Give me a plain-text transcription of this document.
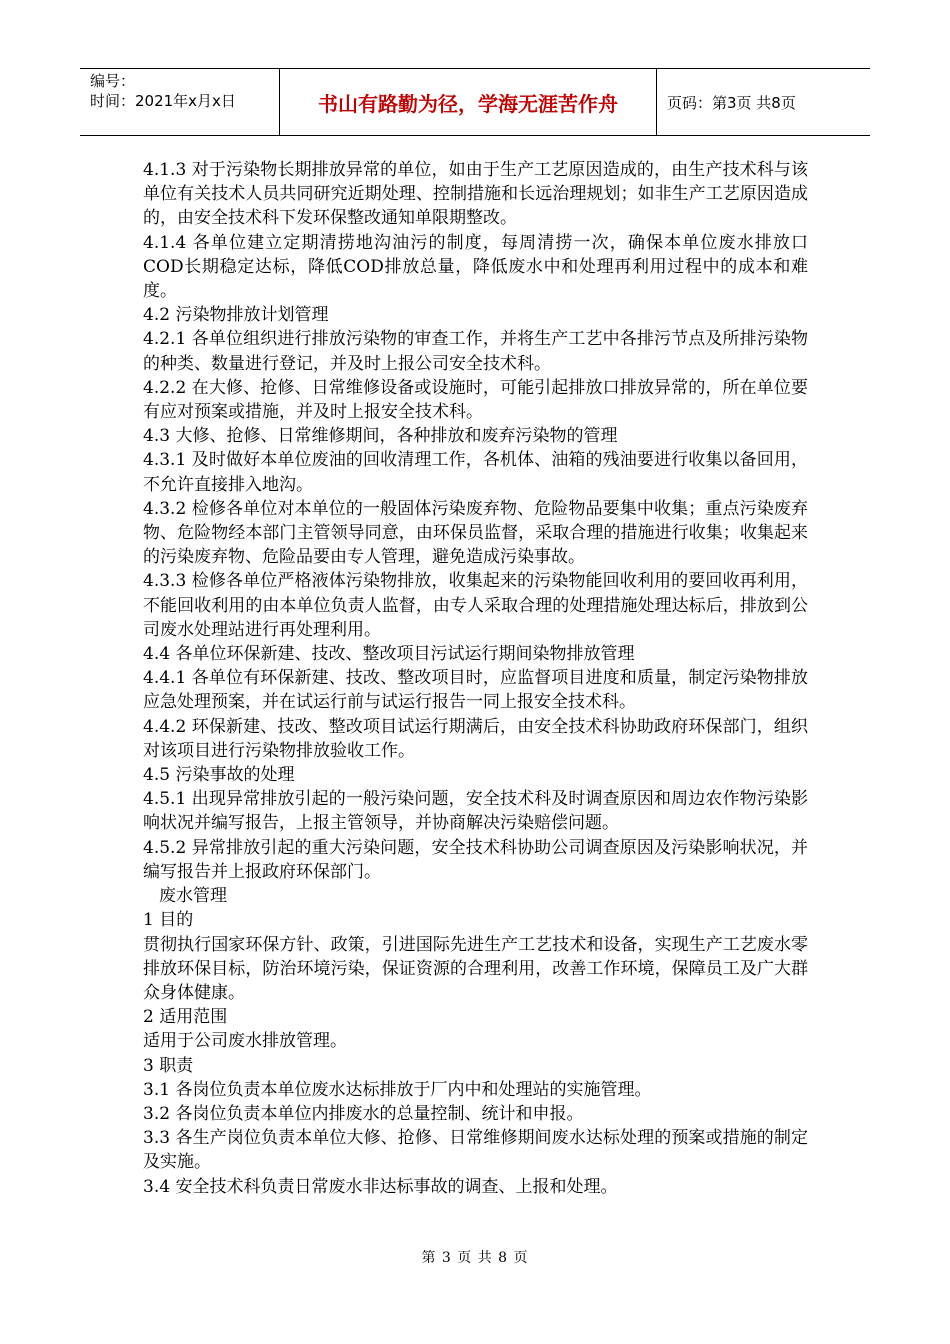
编号：
时间：2021年x月x日	书山有路勤为径，学海无涯苦作舟	页码：第3页 共8页

4.1.3 对于污染物长期排放异常的单位，如由于生产工艺原因造成的，由生产技术科与该单位有关技术人员共同研究近期处理、控制措施和长远治理规划；如非生产工艺原因造成的，由安全技术科下发环保整改通知单限期整改。

4.1.4 各单位建立定期清捞地沟油污的制度，每周清捞一次，确保本单位废水排放口COD长期稳定达标，降低COD排放总量，降低废水中和处理再利用过程中的成本和难度。

4.2 污染物排放计划管理

4.2.1 各单位组织进行排放污染物的审查工作，并将生产工艺中各排污节点及所排污染物的种类、数量进行登记，并及时上报公司安全技术科。

4.2.2 在大修、抢修、日常维修设备或设施时，可能引起排放口排放异常的，所在单位要有应对预案或措施，并及时上报安全技术科。

4.3 大修、抢修、日常维修期间，各种排放和废弃污染物的管理

4.3.1 及时做好本单位废油的回收清理工作，各机体、油箱的残油要进行收集以备回用，不允许直接排入地沟。

4.3.2 检修各单位对本单位的一般固体污染废弃物、危险物品要集中收集；重点污染废弃物、危险物经本部门主管领导同意，由环保员监督，采取合理的措施进行收集；收集起来的污染废弃物、危险品要由专人管理，避免造成污染事故。

4.3.3 检修各单位严格液体污染物排放，收集起来的污染物能回收利用的要回收再利用，不能回收利用的由本单位负责人监督，由专人采取合理的处理措施处理达标后，排放到公司废水处理站进行再处理利用。

4.4 各单位环保新建、技改、整改项目污试运行期间染物排放管理

4.4.1 各单位有环保新建、技改、整改项目时，应监督项目进度和质量，制定污染物排放应急处理预案，并在试运行前与试运行报告一同上报安全技术科。

4.4.2 环保新建、技改、整改项目试运行期满后，由安全技术科协助政府环保部门，组织对该项目进行污染物排放验收工作。

4.5 污染事故的处理

4.5.1 出现异常排放引起的一般污染问题，安全技术科及时调查原因和周边农作物污染影响状况并编写报告，上报主管领导，并协商解决污染赔偿问题。

4.5.2 异常排放引起的重大污染问题，安全技术科协助公司调查原因及污染影响状况，并编写报告并上报政府环保部门。

废水管理

1 目的

贯彻执行国家环保方针、政策，引进国际先进生产工艺技术和设备，实现生产工艺废水零排放环保目标，防治环境污染，保证资源的合理利用，改善工作环境，保障员工及广大群众身体健康。

2 适用范围

适用于公司废水排放管理。

3 职责

3.1 各岗位负责本单位废水达标排放于厂内中和处理站的实施管理。

3.2 各岗位负责本单位内排废水的总量控制、统计和申报。

3.3 各生产岗位负责本单位大修、抢修、日常维修期间废水达标处理的预案或措施的制定及实施。

3.4 安全技术科负责日常废水非达标事故的调查、上报和处理。

第 3 页 共 8 页
